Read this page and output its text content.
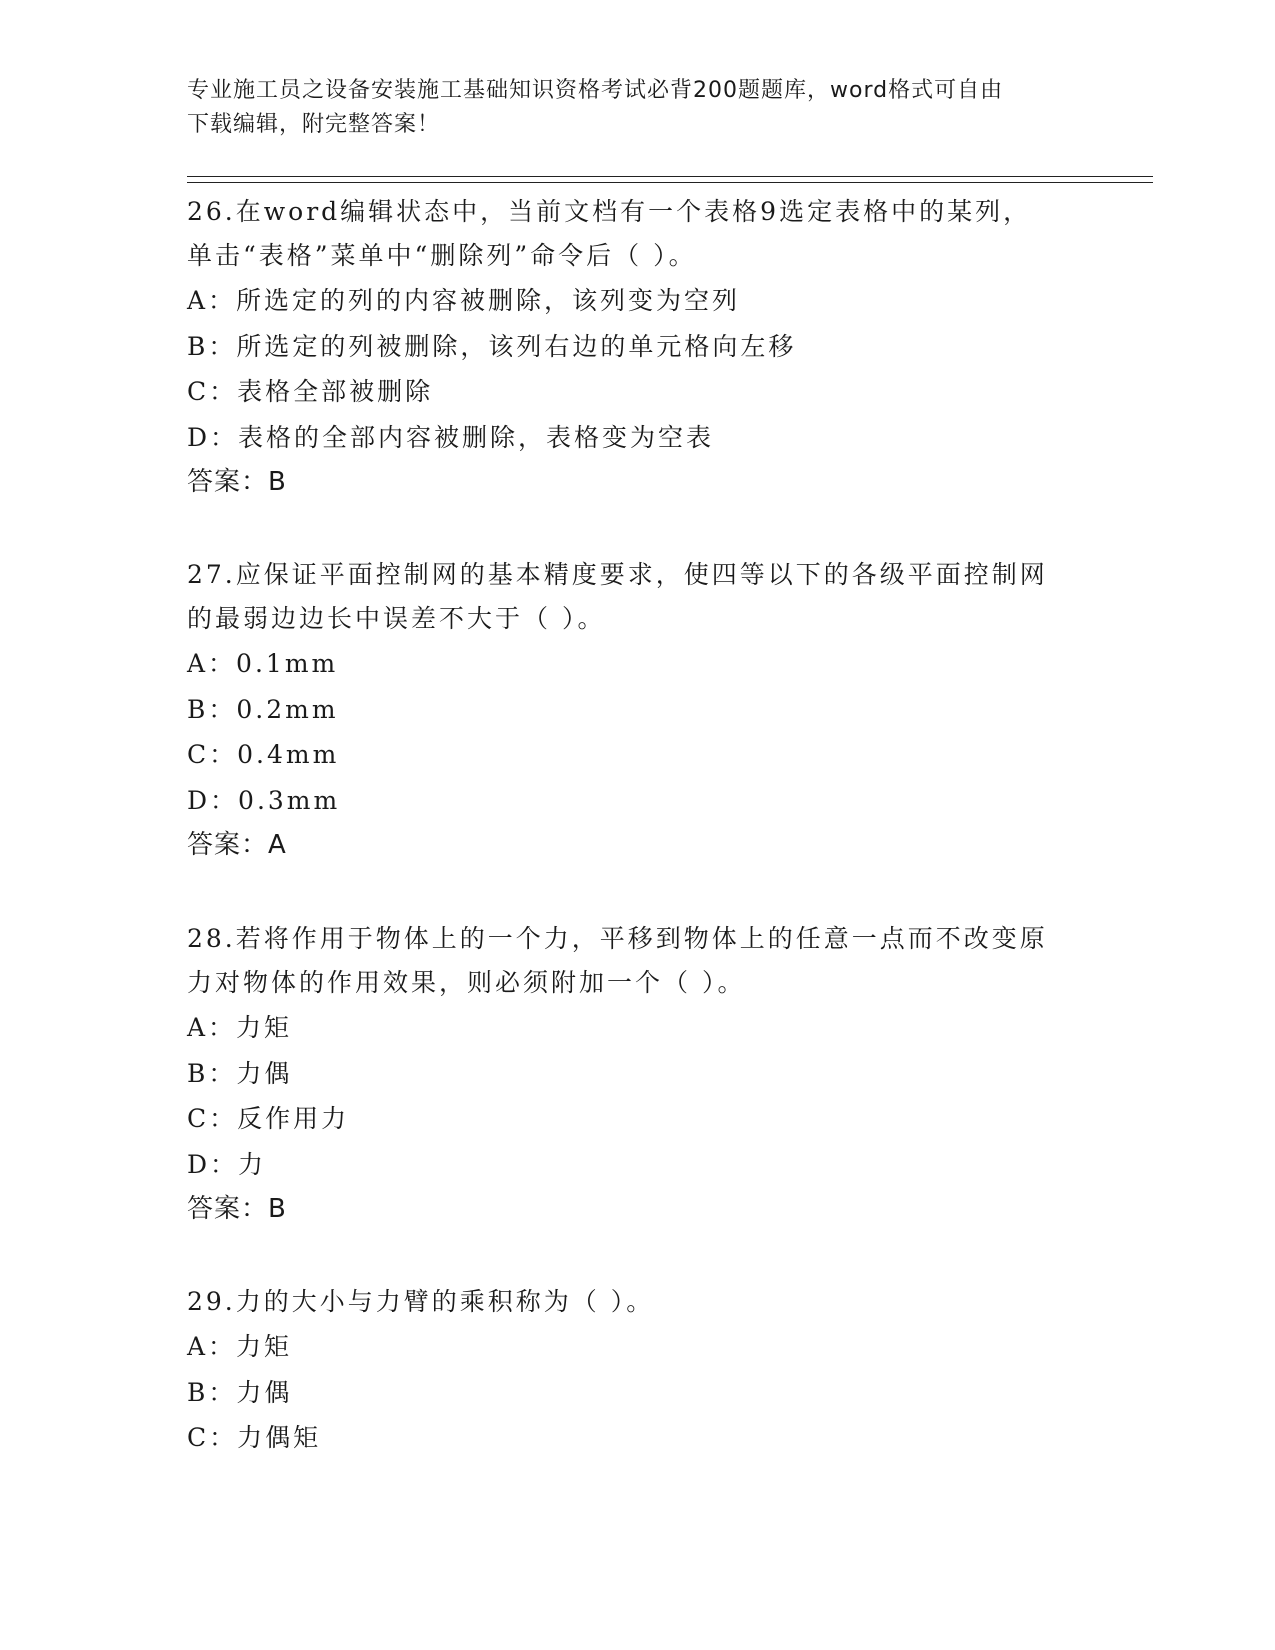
专业施工员之设备安装施工基础知识资格考试必背200题题库，word格式可自由
下载编辑，附完整答案！
26.在word编辑状态中，当前文档有一个表格9选定表格中的某列，
单击“表格”菜单中“删除列”命令后（ ）。
A：所选定的列的内容被删除，该列变为空列
B：所选定的列被删除，该列右边的单元格向左移
C：表格全部被删除
D：表格的全部内容被删除，表格变为空表
答案：B
27.应保证平面控制网的基本精度要求，使四等以下的各级平面控制网
的最弱边边长中误差不大于（ ）。
A：0.1mm
B：0.2mm
C：0.4mm
D：0.3mm
答案：A
28.若将作用于物体上的一个力，平移到物体上的任意一点而不改变原
力对物体的作用效果，则必须附加一个（ ）。
A：力矩
B：力偶
C：反作用力
D：力
答案：B
29.力的大小与力臂的乘积称为（ ）。
A：力矩
B：力偶
C：力偶矩
